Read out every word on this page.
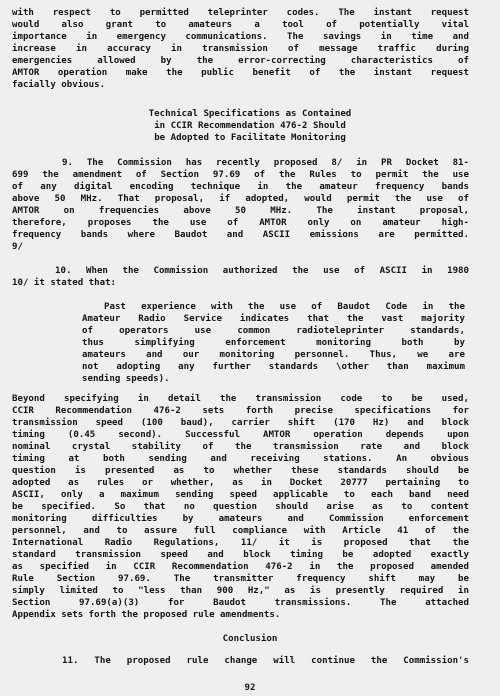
with respect to permitted teleprinter codes. The instant request
would also grant to amateurs a tool of potentially vital
importance in emergency communications. The savings in time and
increase in accuracy in transmission of message traffic during
emergencies allowed by the error-correcting characteristics of
AMTOR operation make the public benefit of the instant request
facially obvious.
Technical Specifications as Contained
in CCIR Recommendation 476-2 Should
be Adopted to Facilitate Monitoring
9. The Commission has recently proposed 8/ in PR Docket 81-
699 the amendment of Section 97.69 of the Rules to permit the use
of any digital encoding technique in the amateur frequency bands
above 50 MHz. That proposal, if adopted, would permit the use of
AMTOR on frequencies above 50 MHz. The instant proposal,
therefore, proposes the use of AMTOR only on amateur high-
frequency bands where Baudot and ASCII emissions are permitted.
9/
10. When the Commission authorized the use of ASCII in 1980
10/ it stated that:
Past experience with the use of Baudot Code in the
Amateur Radio Service indicates that the vast majority
of operators use common radioteleprinter standards,
thus simplifying enforcement monitoring both by
amateurs and our monitoring personnel. Thus, we are
not adopting any further standards \other than maximum
sending speeds).
Beyond specifying in detail the transmission code to be used,
CCIR Recommendation 476-2 sets forth precise specifications for
transmission speed (100 baud), carrier shift (170 Hz) and block
timing (0.45 second). Successful AMTOR operation depends upon
nominal crystal stability of the transmission rate and block
timing at both sending and receiving stations. An obvious
question is presented as to whether these standards should be
adopted as rules or whether, as in Docket 20777 pertaining to
ASCII, only a maximum sending speed applicable to each band need
be specified. So that no question should arise as to content
monitoring difficulties by amateurs and Commission enforcement
personnel, and to assure full compliance with Article 41 of the
International Radio Regulations, 11/ it is proposed that the
standard transmission speed and block timing be adopted exactly
as specified in CCIR Recommendation 476-2 in the proposed amended
Rule Section 97.69. The transmitter frequency shift may be
simply limited to "less than 900 Hz," as is presently required in
Section 97.69(a)(3) for Baudot transmissions. The attached
Appendix sets forth the proposed rule amendments.
Conclusion
11. The proposed rule change will continue the Commission's
92
